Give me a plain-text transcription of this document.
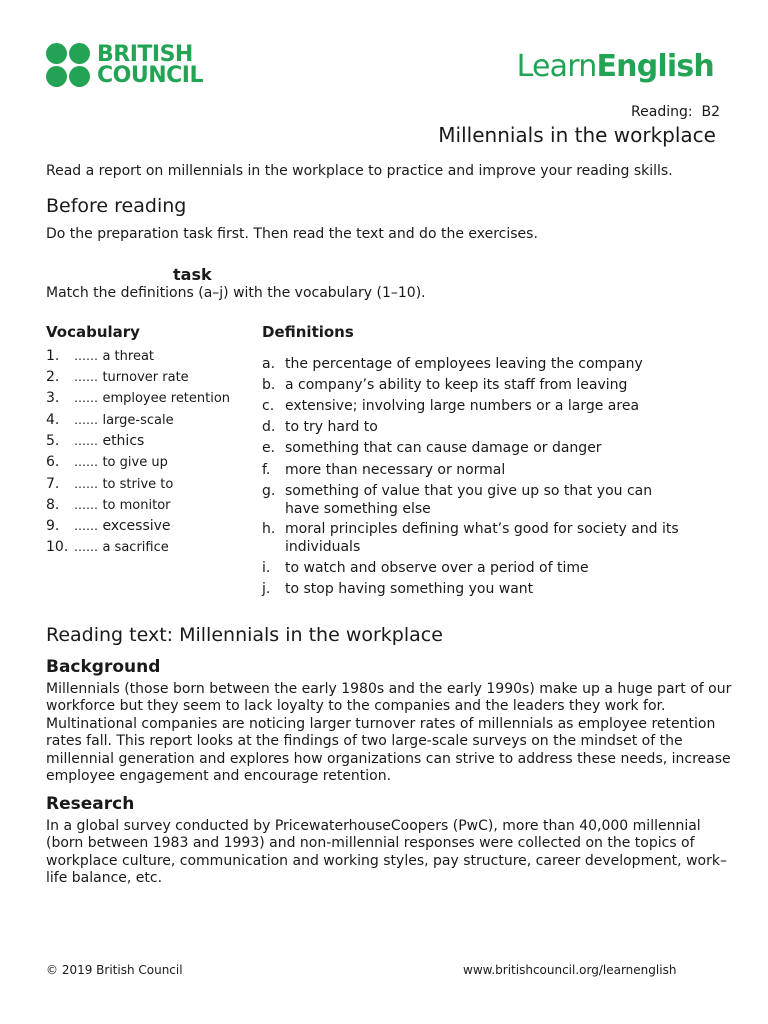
BRITISH
COUNCIL	LearnEnglish
Reading:  B2
Millennials in the workplace
Read a report on millennials in the workplace to practice and improve your reading skills.
Before reading
Do the preparation task first. Then read the text and do the exercises.
task
Match the definitions (a–j) with the vocabulary (1–10).
Vocabulary	Definitions
1. …… a threat
2. …… turnover rate
3. …… employee retention
4. …… large-scale
5. …… ethics
6. …… to give up
7. …… to strive to
8. …… to monitor
9. …… excessive
10. …… a sacrifice
a. the percentage of employees leaving the company
b. a company’s ability to keep its staff from leaving
c. extensive; involving large numbers or a large area
d. to try hard to
e. something that can cause damage or danger
f.	more than necessary or normal
g. something of value that you give up so that you can have something else
h. moral principles defining what’s good for society and its individuals
i.	to watch and observe over a period of time
j.	to stop having something you want
Reading text: Millennials in the workplace
Background
Millennials (those born between the early 1980s and the early 1990s) make up a huge part of our workforce but they seem to lack loyalty to the companies and the leaders they work for. Multinational companies are noticing larger turnover rates of millennials as employee retention rates fall. This report looks at the findings of two large-scale surveys on the mindset of the millennial generation and explores how organizations can strive to address these needs, increase employee engagement and encourage retention.
Research
In a global survey conducted by PricewaterhouseCoopers (PwC), more than 40,000 millennial (born between 1983 and 1993) and non-millennial responses were collected on the topics of workplace culture, communication and working styles, pay structure, career development, work–life balance, etc.
© 2019 British Council	www.britishcouncil.org/learnenglish
